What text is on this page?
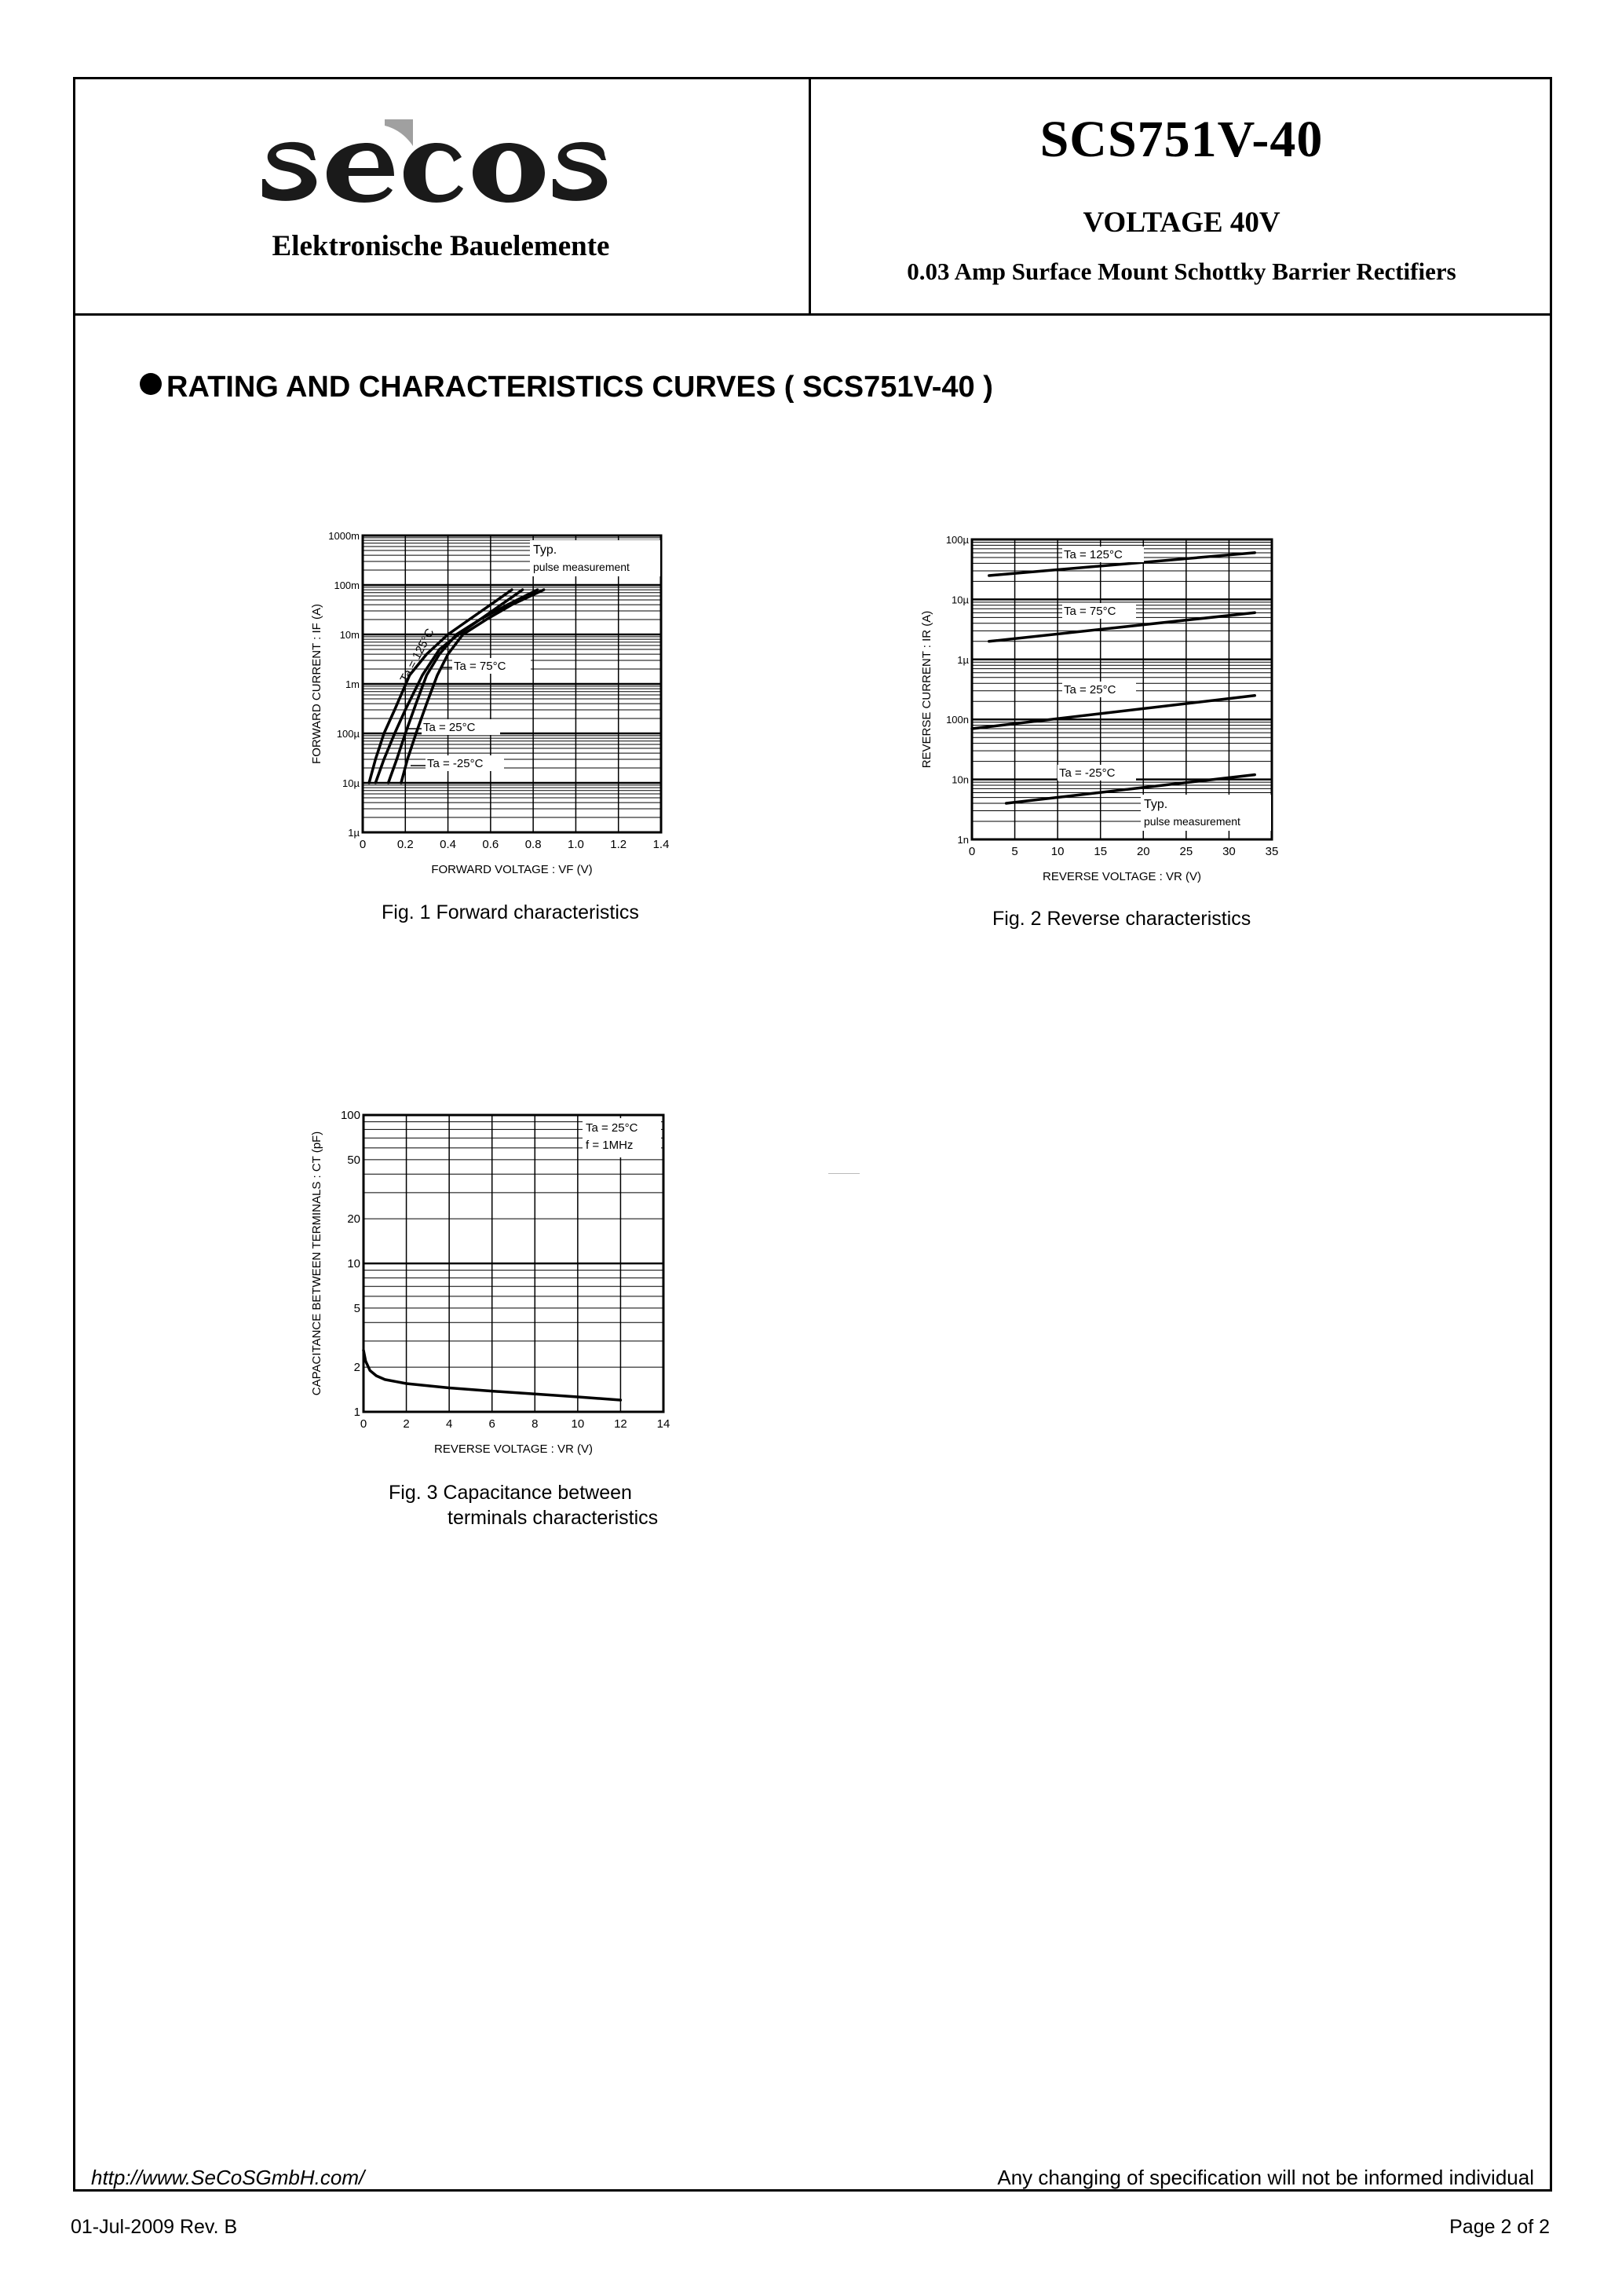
Elektronische Bauelemente
SCS751V-40
VOLTAGE 40V
0.03 Amp Surface Mount Schottky Barrier Rectifiers
RATING AND CHARACTERISTICS CURVES ( SCS751V-40 )
0	0.2 0.4 0.6 0.8 1.0 1.2 1.4
1µ
10µ
100µ
1m
10m
100m
1000m
FORWARD VOLTAGE : VF (V)
FORWARD CURRENT : IF (A)
Typ.
pulse measurement
Ta = 125°C Ta = 75°C
Ta = 25°C
Ta = -25°C
Fig. 1 Forward characteristics
0	5	10	15	20	25	30	35
1n
10n
100n
1µ
10µ
100µ
REVERSE VOLTAGE : VR (V)
REVERSE CURRENT : IR (A)
Typ.
pulse measurement
Ta = 125°C
Ta = 75°C
Ta = 25°C
Ta = -25°C
Fig. 2 Reverse characteristics
0	2	4	6	8	10	12	14
1
2
5
10
20
50
100
REVERSE VOLTAGE : VR (V)
CAPACITANCE BETWEEN TERMINALS : CT (pF)
Ta = 25°C
f = 1MHz
Fig. 3 Capacitance between
terminals characteristics
http://www.SeCoSGmbH.com/	Any changing of specification will not be informed individual
01-Jul-2009 Rev. B	Page 2 of 2
